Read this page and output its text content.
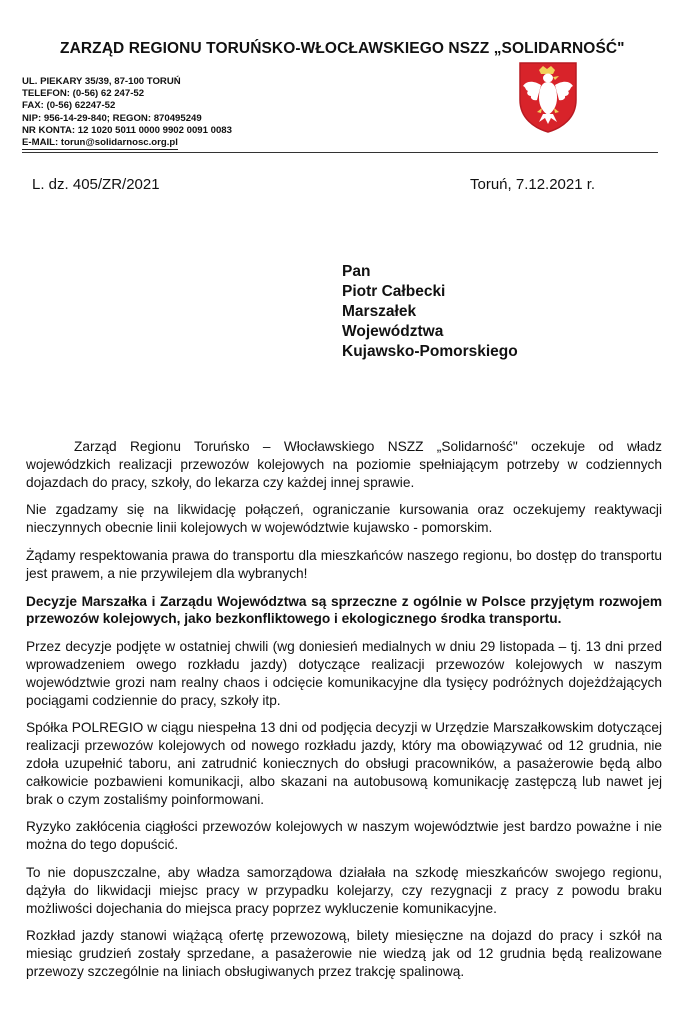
ZARZĄD REGIONU TORUŃSKO-WŁOCŁAWSKIEGO NSZZ „SOLIDARNOŚĆ"
UL. PIEKARY 35/39, 87-100 TORUŃ
TELEFON: (0-56) 62 247-52
FAX: (0-56) 62247-52
NIP: 956-14-29-840; REGON: 870495249
NR KONTA: 12 1020 5011 0000 9902 0091 0083
E-MAIL: torun@solidarnosc.org.pl
L. dz. 405/ZR/2021	Toruń, 7.12.2021 r.
Pan
Piotr Całbecki
Marszałek
Województwa
Kujawsko-Pomorskiego

Zarząd Regionu Toruńsko – Włocławskiego NSZZ „Solidarność" oczekuje od władz wojewódzkich realizacji przewozów kolejowych na poziomie spełniającym potrzeby w codziennych dojazdach do pracy, szkoły, do lekarza czy każdej innej sprawie.

Nie zgadzamy się na likwidację połączeń, ograniczanie kursowania oraz oczekujemy reaktywacji nieczynnych obecnie linii kolejowych w województwie kujawsko - pomorskim.

Żądamy respektowania prawa do transportu dla mieszkańców naszego regionu, bo dostęp do transportu jest prawem, a nie przywilejem dla wybranych!

Decyzje Marszałka i Zarządu Województwa są sprzeczne z ogólnie w Polsce przyjętym rozwojem przewozów kolejowych, jako bezkonfliktowego i ekologicznego środka transportu.

Przez decyzje podjęte w ostatniej chwili (wg doniesień medialnych w dniu 29 listopada – tj. 13 dni przed wprowadzeniem owego rozkładu jazdy) dotyczące realizacji przewozów kolejowych w naszym województwie grozi nam realny chaos i odcięcie komunikacyjne dla tysięcy podróżnych dojeżdżających pociągami codziennie do pracy, szkoły itp.

Spółka POLREGIO w ciągu niespełna 13 dni od podjęcia decyzji w Urzędzie Marszałkowskim dotyczącej realizacji przewozów kolejowych od nowego rozkładu jazdy, który ma obowiązywać od 12 grudnia, nie zdoła uzupełnić taboru, ani zatrudnić koniecznych do obsługi pracowników, a pasażerowie będą albo całkowicie pozbawieni komunikacji, albo skazani na autobusową komunikację zastępczą lub nawet jej brak o czym zostaliśmy poinformowani.

Ryzyko zakłócenia ciągłości przewozów kolejowych w naszym województwie jest bardzo poważne i nie można do tego dopuścić.

To nie dopuszczalne, aby władza samorządowa działała na szkodę mieszkańców swojego regionu, dążyła do likwidacji miejsc pracy w przypadku kolejarzy, czy rezygnacji z pracy z powodu braku możliwości dojechania do miejsca pracy poprzez wykluczenie komunikacyjne.

Rozkład jazdy stanowi wiążącą ofertę przewozową, bilety miesięczne na dojazd do pracy i szkół na miesiąc grudzień zostały sprzedane, a pasażerowie nie wiedzą jak od 12 grudnia będą realizowane przewozy szczególnie na liniach obsługiwanych przez trakcję spalinową.
